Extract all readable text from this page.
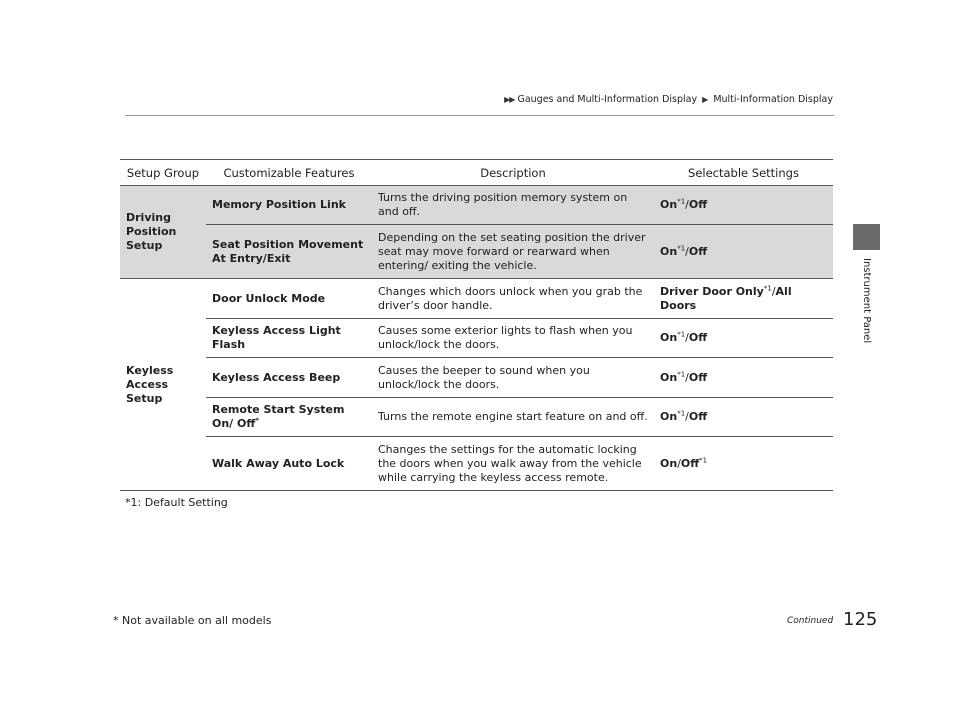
▶▶ Gauges and Multi-Information Display ▶ Multi-Information Display
Instrument Panel
Setup Group	Customizable Features	Description	Selectable Settings
Driving
Position
Setup	Memory Position Link	Turns the driving position memory system on and off.	On$^{*1}$/Off
	Seat Position Movement At Entry/Exit	Depending on the set seating position the driver seat may move forward or rearward when entering/ exiting the vehicle.	On$^{*1}$/Off
Keyless
Access
Setup	Door Unlock Mode	Changes which doors unlock when you grab the driver’s door handle.	Driver Door Only$^{*1}$/All Doors
	Keyless Access Light Flash	Causes some exterior lights to flash when you unlock/lock the doors.	On$^{*1}$/Off
	Keyless Access Beep	Causes the beeper to sound when you unlock/lock the doors.	On$^{*1}$/Off
	Remote Start System On/ Off*	Turns the remote engine start feature on and off.	On$^{*1}$/Off
	Walk Away Auto Lock	Changes the settings for the automatic locking the doors when you walk away from the vehicle while carrying the keyless access remote.	On/Off$^{*1}$
*1: Default Setting
* Not available on all models	Continued 125
